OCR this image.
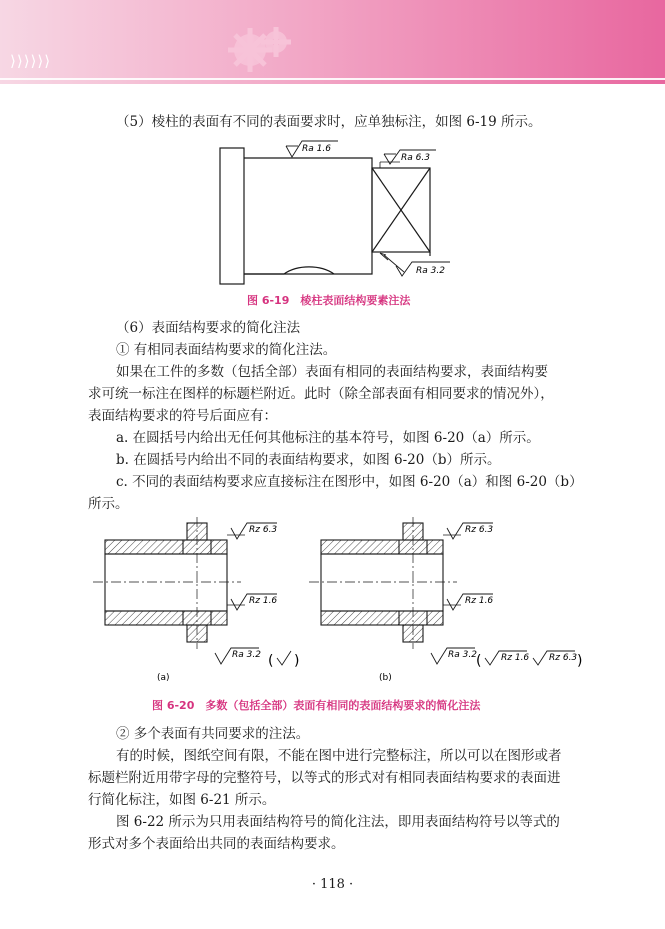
⟩⟩⟩⟩⟩⟩
（5）棱柱的表面有不同的表面要求时，应单独标注，如图 6-19 所示。
Ra 1.6
Ra 6.3
Ra 3.2
图 6-19　棱柱表面结构要素注法
（6）表面结构要求的简化注法
① 有相同表面结构要求的简化注法。
如果在工件的多数（包括全部）表面有相同的表面结构要求，表面结构要
求可统一标注在图样的标题栏附近。此时（除全部表面有相同要求的情况外），
表面结构要求的符号后面应有：
a. 在圆括号内给出无任何其他标注的基本符号，如图 6-20（a）所示。
b. 在圆括号内给出不同的表面结构要求，如图 6-20（b）所示。
c. 不同的表面结构要求应直接标注在图形中，如图 6-20（a）和图 6-20（b）
所示。
Rz 6.3
Rz 1.6
Ra 3.2 ( )
(a)
Rz 6.3
Rz 1.6
Ra 3.2 ( Rz 1.6 Rz 6.3 )
(b)
图 6-20　多数（包括全部）表面有相同的表面结构要求的简化注法
② 多个表面有共同要求的注法。
有的时候，图纸空间有限，不能在图中进行完整标注，所以可以在图形或者
标题栏附近用带字母的完整符号，以等式的形式对有相同表面结构要求的表面进
行简化标注，如图 6-21 所示。
图 6-22 所示为只用表面结构符号的简化注法，即用表面结构符号以等式的
形式对多个表面给出共同的表面结构要求。
· 118 ·
